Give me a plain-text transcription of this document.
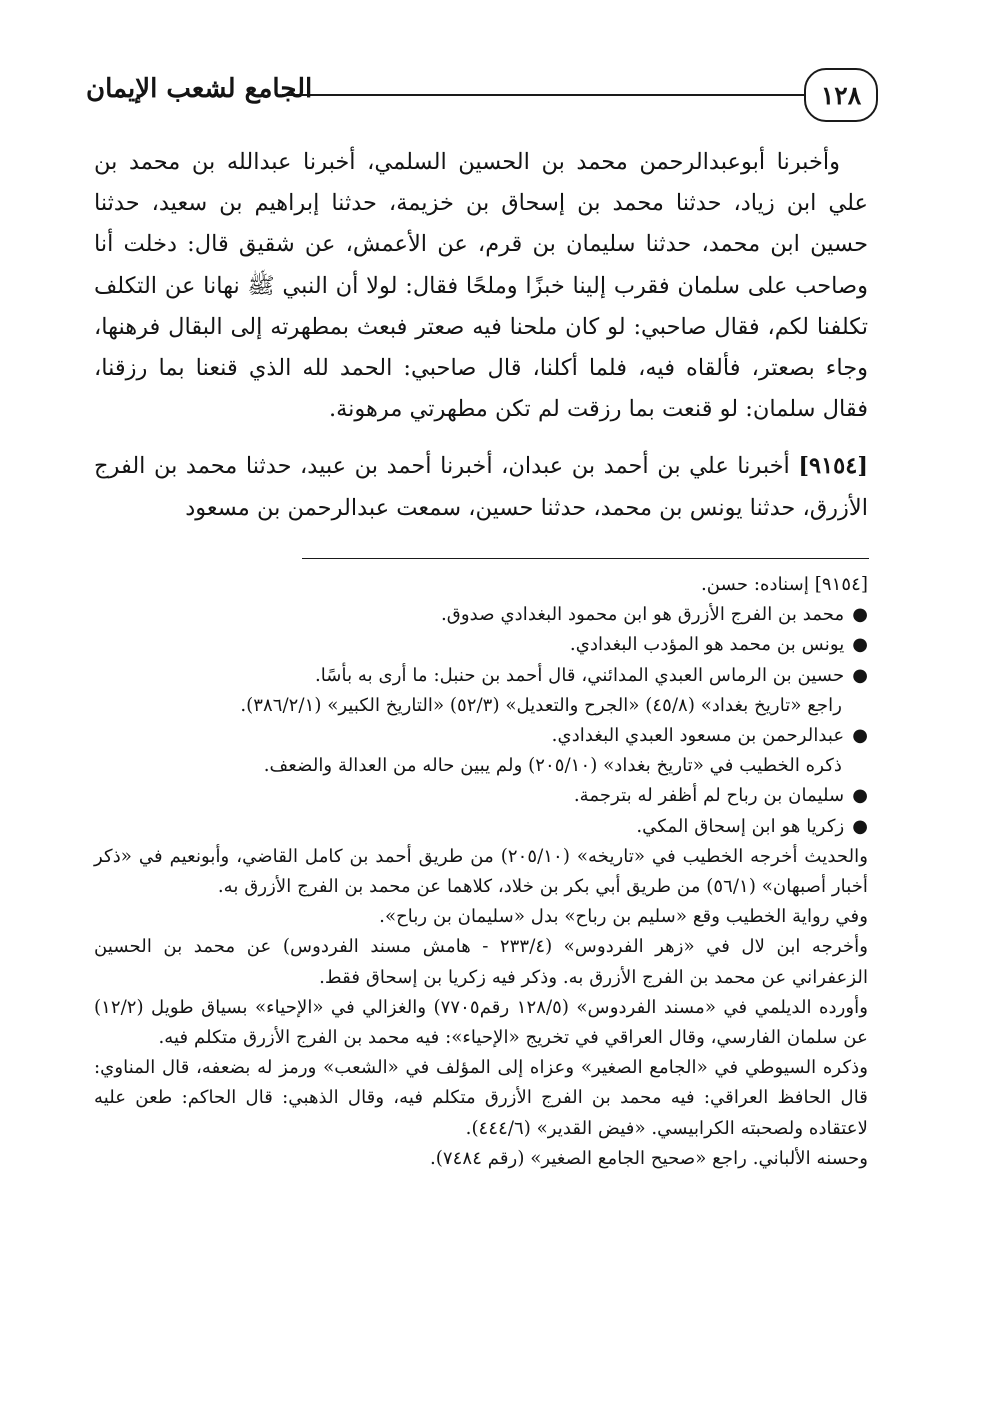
١٢٨
الجامع لشعب الإيمان

وأخبرنا أبوعبدالرحمن محمد بن الحسين السلمي، أخبرنا عبدالله بن محمد بن علي ابن زياد، حدثنا محمد بن إسحاق بن خزيمة، حدثنا إبراهيم بن سعيد، حدثنا حسين ابن محمد، حدثنا سليمان بن قرم، عن الأعمش، عن شقيق قال: دخلت أنا وصاحب على سلمان فقرب إلينا خبزًا وملحًا فقال: لولا أن النبي ﷺ نهانا عن التكلف تكلفنا لكم، فقال صاحبي: لو كان ملحنا فيه صعتر فبعث بمطهرته إلى البقال فرهنها، وجاء بصعتر، فألقاه فيه، فلما أكلنا، قال صاحبي: الحمد لله الذي قنعنا بما رزقنا، فقال سلمان: لو قنعت بما رزقت لم تكن مطهرتي مرهونة.

[٩١٥٤] أخبرنا علي بن أحمد بن عبدان، أخبرنا أحمد بن عبيد، حدثنا محمد بن الفرج الأزرق، حدثنا يونس بن محمد، حدثنا حسين، سمعت عبدالرحمن بن مسعود

[٩١٥٤] إسناده: حسن.

●
محمد بن الفرج الأزرق هو ابن محمود البغدادي صدوق.
●
يونس بن محمد هو المؤدب البغدادي.
●
حسين بن الرماس العبدي المدائني، قال أحمد بن حنبل: ما أرى به بأسًا.

راجع «تاريخ بغداد» (٤٥/٨) «الجرح والتعديل» (٥٢/٣) «التاريخ الكبير» (٣٨٦/٢/١).

●
عبدالرحمن بن مسعود العبدي البغدادي.

ذكره الخطيب في «تاريخ بغداد» (٢٠٥/١٠) ولم يبين حاله من العدالة والضعف.

●
سليمان بن رباح لم أظفر له بترجمة.
●
زكريا هو ابن إسحاق المكي.

والحديث أخرجه الخطيب في «تاريخه» (٢٠٥/١٠) من طريق أحمد بن كامل القاضي، وأبونعيم في «ذكر أخبار أصبهان» (٥٦/١) من طريق أبي بكر بن خلاد، كلاهما عن محمد بن الفرج الأزرق به.

وفي رواية الخطيب وقع «سليم بن رباح» بدل «سليمان بن رباح».

وأخرجه ابن لال في «زهر الفردوس» (٢٣٣/٤ - هامش مسند الفردوس) عن محمد بن الحسين الزعفراني عن محمد بن الفرج الأزرق به. وذكر فيه زكريا بن إسحاق فقط.

وأورده الديلمي في «مسند الفردوس» (١٢٨/٥ رقم٧٧٠٥) والغزالي في «الإحياء» بسياق طويل (١٢/٢) عن سلمان الفارسي، وقال العراقي في تخريج «الإحياء»: فيه محمد بن الفرج الأزرق متكلم فيه.

وذكره السيوطي في «الجامع الصغير» وعزاه إلى المؤلف في «الشعب» ورمز له بضعفه، قال المناوي: قال الحافظ العراقي: فيه محمد بن الفرج الأزرق متكلم فيه، وقال الذهبي: قال الحاكم: طعن عليه لاعتقاده ولصحبته الكرابيسي. «فيض القدير» (٤٤٤/٦).

وحسنه الألباني. راجع «صحيح الجامع الصغير» (رقم ٧٤٨٤).
